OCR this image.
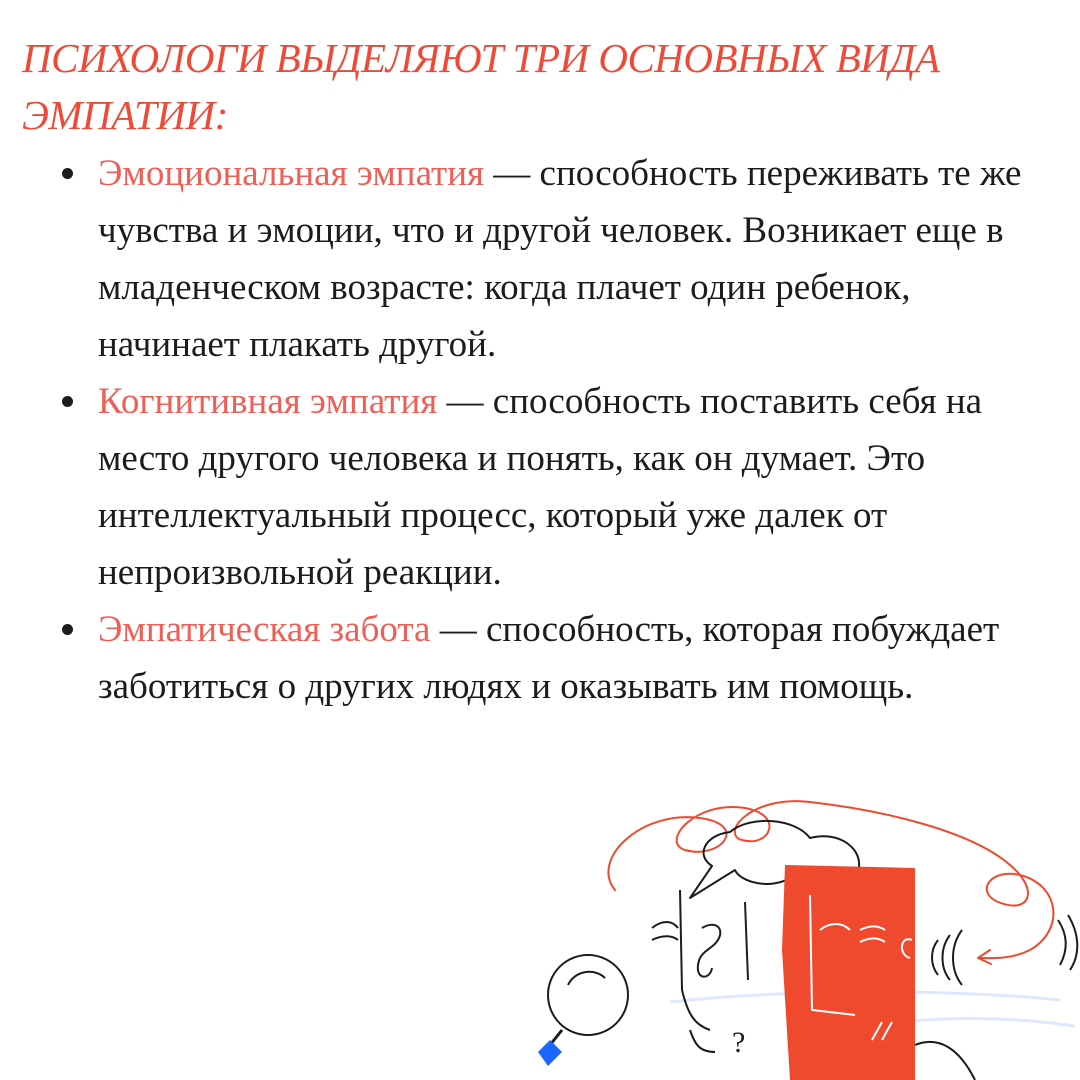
ПСИХОЛОГИ ВЫДЕЛЯЮТ ТРИ ОСНОВНЫХ ВИДА ЭМПАТИИ:
Эмоциональная эмпатия — способность переживать те же чувства и эмоции, что и другой человек. Возникает еще в младенческом возрасте: когда плачет один ребенок, начинает плакать другой.
Когнитивная эмпатия — способность поставить себя на место другого человека и понять, как он думает. Это интеллектуальный процесс, который уже далек от непроизвольной реакции.
Эмпатическая забота — способность, которая побуждает заботиться о других людях и оказывать им помощь.
?
